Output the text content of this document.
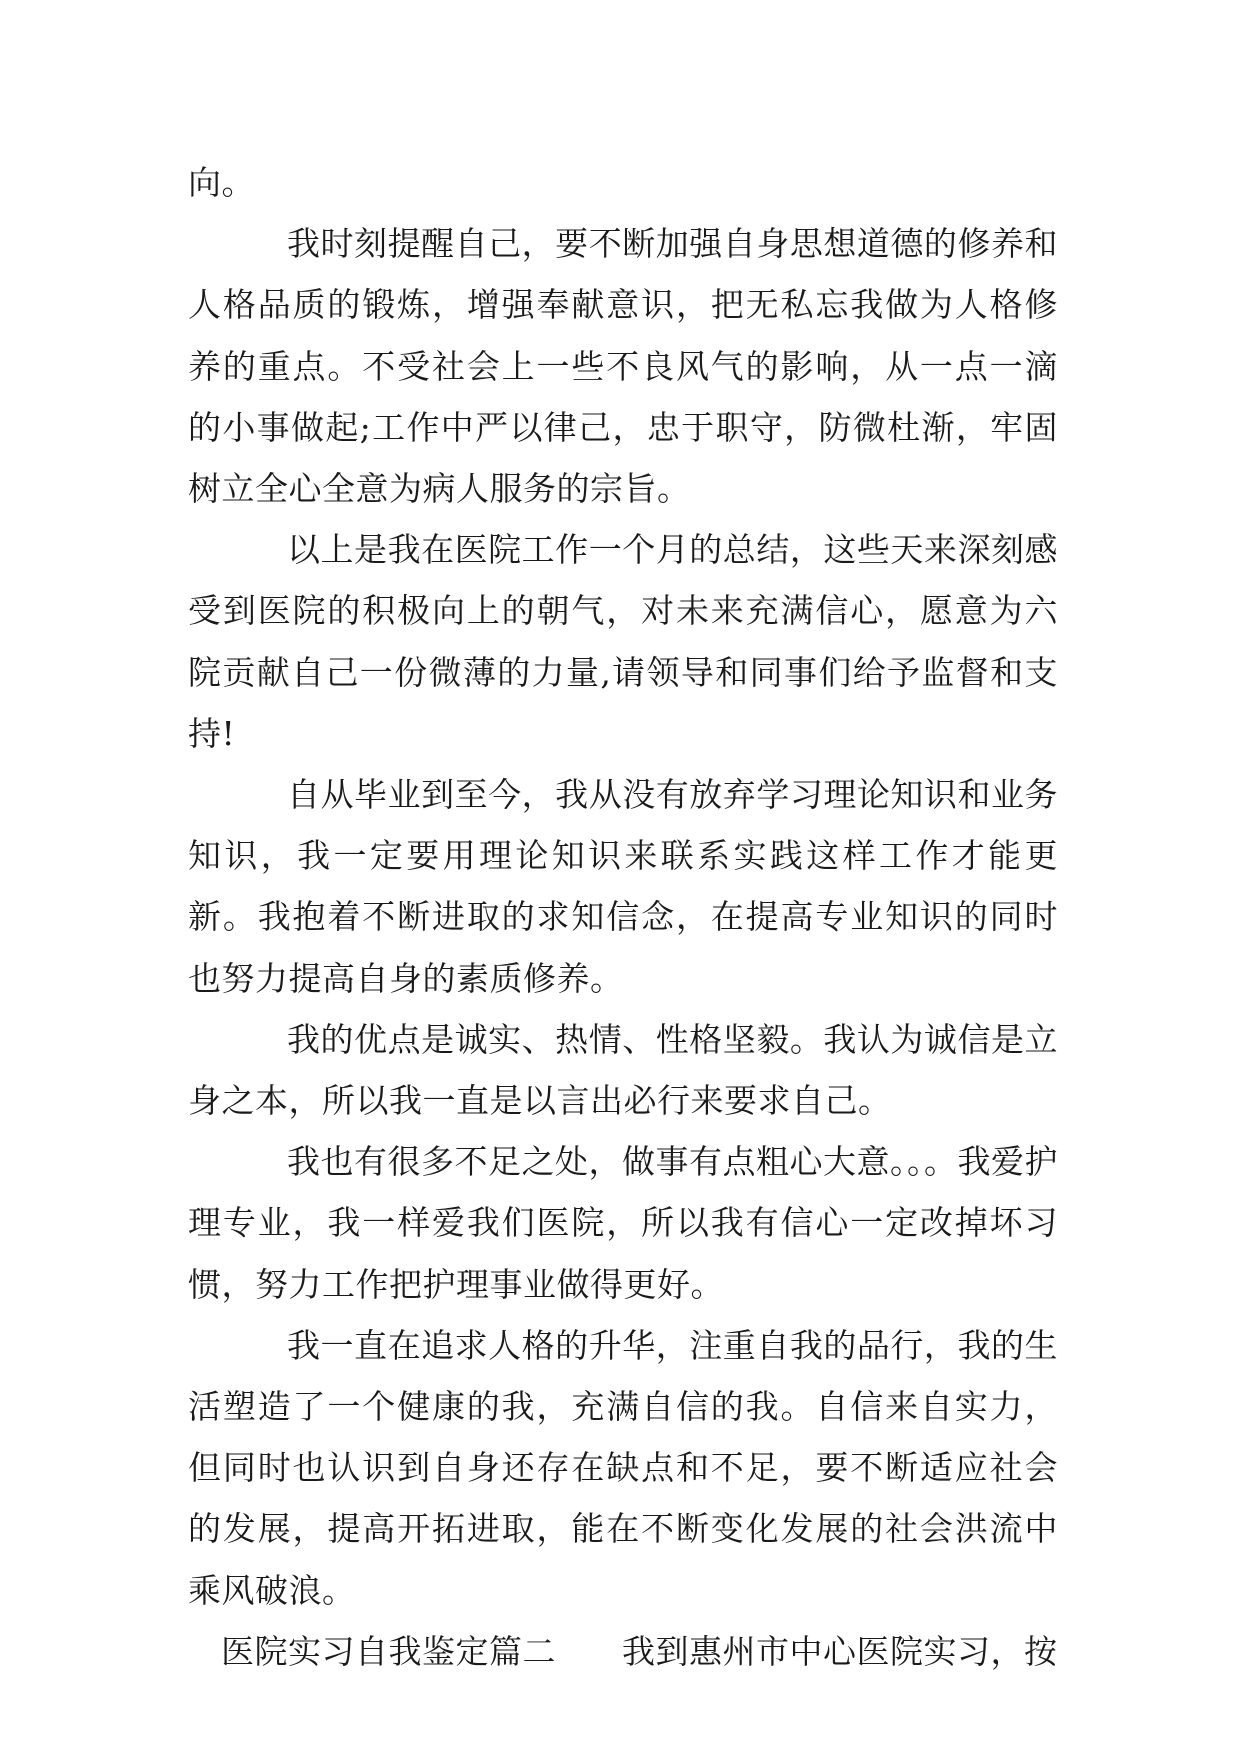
向。

我时刻提醒自己，要不断加强自身思想道德的修养和人格品质的锻炼，增强奉献意识，把无私忘我做为人格修养的重点。不受社会上一些不良风气的影响，从一点一滴的小事做起;工作中严以律己，忠于职守，防微杜渐，牢固树立全心全意为病人服务的宗旨。

以上是我在医院工作一个月的总结，这些天来深刻感受到医院的积极向上的朝气，对未来充满信心，愿意为六院贡献自己一份微薄的力量,请领导和同事们给予监督和支持!

自从毕业到至今，我从没有放弃学习理论知识和业务知识，我一定要用理论知识来联系实践这样工作才能更新。我抱着不断进取的求知信念，在提高专业知识的同时也努力提高自身的素质修养。

我的优点是诚实、热情、性格坚毅。我认为诚信是立身之本，所以我一直是以言出必行来要求自己。

我也有很多不足之处，做事有点粗心大意。。。我爱护理专业，我一样爱我们医院，所以我有信心一定改掉坏习惯，努力工作把护理事业做得更好。

我一直在追求人格的升华，注重自我的品行，我的生活塑造了一个健康的我，充满自信的我。自信来自实力，但同时也认识到自身还存在缺点和不足，要不断适应社会的发展，提高开拓进取，能在不断变化发展的社会洪流中乘风破浪。

医院实习自我鉴定篇二 我到惠州市中心医院实习，按
